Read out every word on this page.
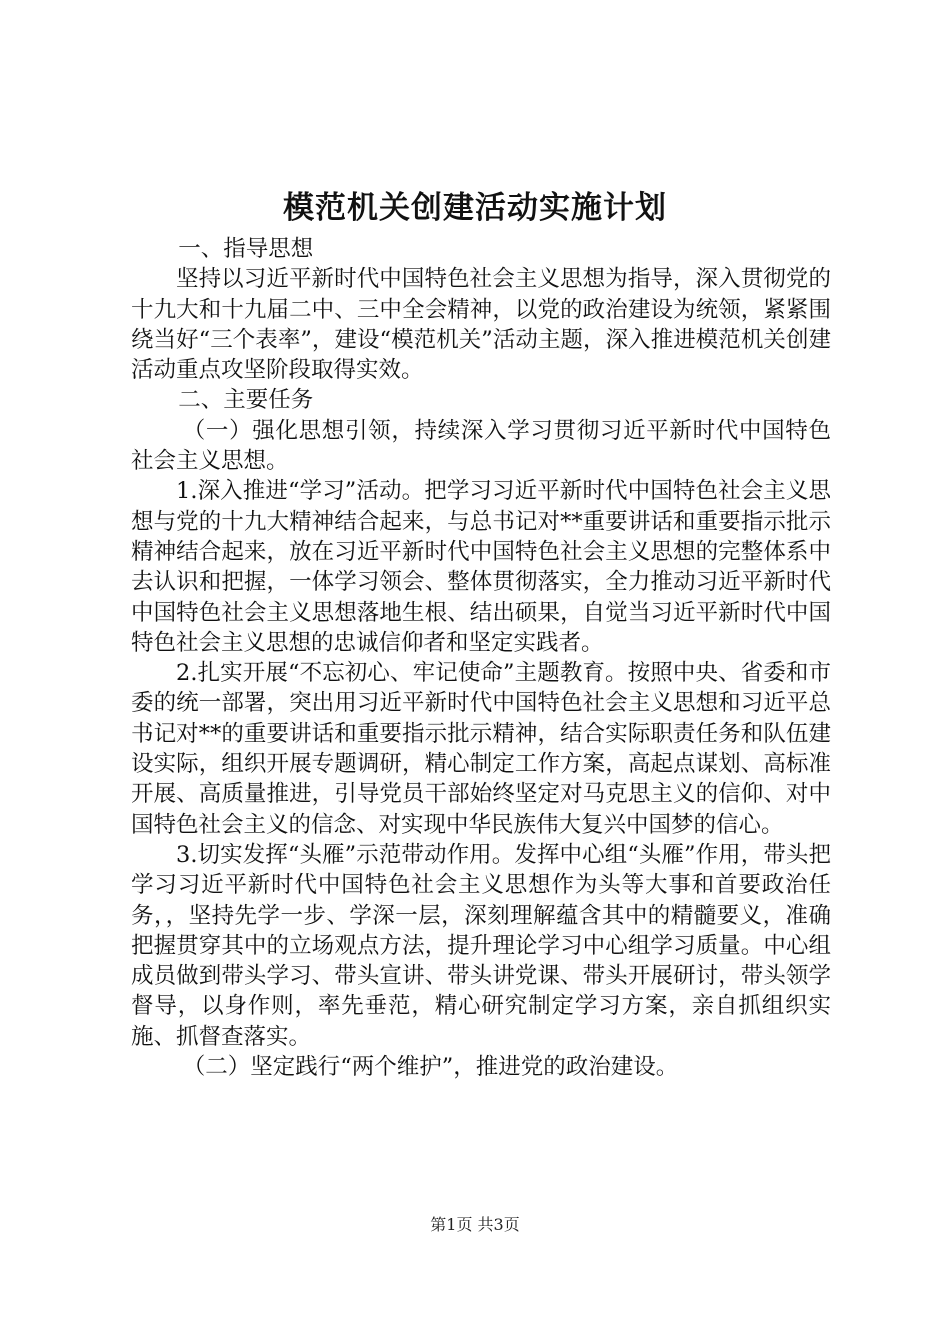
模范机关创建活动实施计划

一、指导思想

坚持以习近平新时代中国特色社会主义思想为指导，深入贯彻党的十九大和十九届二中、三中全会精神，以党的政治建设为统领，紧紧围绕当好“三个表率”，建设“模范机关”活动主题，深入推进模范机关创建活动重点攻坚阶段取得实效。

二、主要任务

（一）强化思想引领，持续深入学习贯彻习近平新时代中国特色社会主义思想。

1.深入推进“学习”活动。把学习习近平新时代中国特色社会主义思想与党的十九大精神结合起来，与总书记对**重要讲话和重要指示批示精神结合起来，放在习近平新时代中国特色社会主义思想的完整体系中去认识和把握，一体学习领会、整体贯彻落实，全力推动习近平新时代中国特色社会主义思想落地生根、结出硕果，自觉当习近平新时代中国特色社会主义思想的忠诚信仰者和坚定实践者。

2.扎实开展“不忘初心、牢记使命”主题教育。按照中央、省委和市委的统一部署，突出用习近平新时代中国特色社会主义思想和习近平总书记对**的重要讲话和重要指示批示精神，结合实际职责任务和队伍建设实际，组织开展专题调研，精心制定工作方案，高起点谋划、高标准开展、高质量推进，引导党员干部始终坚定对马克思主义的信仰、对中国特色社会主义的信念、对实现中华民族伟大复兴中国梦的信心。

3.切实发挥“头雁”示范带动作用。发挥中心组“头雁”作用，带头把学习习近平新时代中国特色社会主义思想作为头等大事和首要政治任务，，坚持先学一步、学深一层，深刻理解蕴含其中的精髓要义，准确把握贯穿其中的立场观点方法，提升理论学习中心组学习质量。中心组成员做到带头学习、带头宣讲、带头讲党课、带头开展研讨，带头领学督导，以身作则，率先垂范，精心研究制定学习方案，亲自抓组织实施、抓督查落实。

（二）坚定践行“两个维护”，推进党的政治建设。

第1页 共3页
